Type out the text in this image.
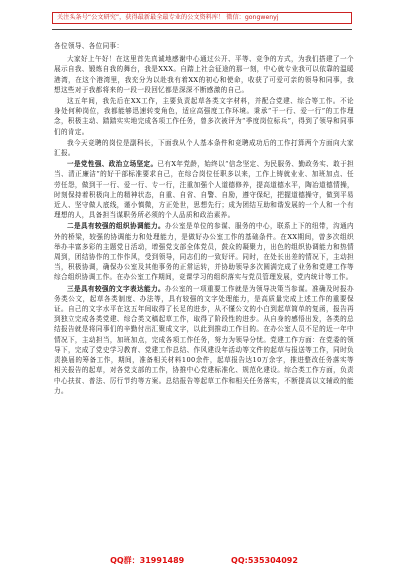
关注头条号“公文研究”，获得最新最全最专业的公文资料库！ 微信：gongwenyj

各位领导、各位同事：

大家好上午好！在这里首先真诚地感谢中心通过公开、平等、竞争的方式，为我们搭建了一个展示自我、锻炼自我的舞台，我是XXX。自踏上社会征途的那一刻，中心就专业我可以依靠的温暖港湾，在这个港湾里，我充分为以赴我有着XX的初心和使命，收获了可爱可亲的领导和同事，我想这些对于我都将来的一段一段回忆都是深深不断感激的自己。

这五年间，我先后在XX工作，主要负责起草各类文字材料，并配合党建、综合等工作。不论身处何种岗位，我都能够迅速转变角色，适应高强度工作环境。秉承“干一行、爱一行”的工作理念，积极主动、踏踏实实地完成各项工作任务，曾多次被评为“季度岗位标兵”，得到了领导和同事们的肯定。

我今天竞聘的岗位是副科长，下面我从个人基本条件和竞聘成功后的工作打算两个方面向大家汇报。

一是党性强、政治立场坚定。已有X年党龄，始终以“信念坚定、为民服务、勤政务实、敢于担当、清正廉洁”的好干部标准要求自己，在综合岗位任职多以来，工作上铸就业业、加班加点、任劳任怨，做到干一行、爱一行、专一行，注重加强个人道德修养，提高道德水平，陶冶道德情操，时刻保持着积极向上的精神状态，自重、自省、自警、自励，遵守保纪，把握道德操守，做到平易近人、坚守做人底线，谨小慎微，方正处世，思想先行；成为团结互助和谐发展的一个人和一个有理想的人，具备担当谋职务所必须的个人品质和政治素养。

二是具有较强的组织协调能力。办公室是单位的参谋、服务的中心，联系上下的纽带，沟通内外的桥梁，较强的协调能力和处理能力，是做好办公室工作的基础条件。在XX期间，曾多次组织举办丰富多彩的主题党日活动，增强党支部全体党员，鼓众的凝聚力，出色的组织协调能力和热情周到，团结协作的工作作风，受到领导，同志们的一致好评。同时，在处长出差的情况下，主动担当，积极协调，确保办公室及其他事务的正常运转，并协助领导多次圆满完成了业务和党建工作等综合组织协调工作。在办公室工作期间，竞课学习的组织落实与党员管理发展，党内统计等工作。

三是具有较强的文字表达能力。办公室的一项重要工作就是为领导决策当参谋。准确及时报办务类公文，起草各类制度、办法等，具有较强的文字处理能力，是高质量完成上述工作的重要保证。自己的文字水平在这五年间取得了长足的进步，从不懂公文的小白到起草简单的复函，报告再到独立完成各类党建、综合类文稿起草工作，取得了阶段性的进步。从自身的感悟出发，各类的总结报告就是将同事们的辛勤付出汇聚成文字，以此到推动工作目的。在办公室人员不足的近一年中情况下，主动担当，加班加点，完成各项工作任务，努力为领导分忧。党建工作方面：在党委的领导下，完成了党史学习教育、党建工作总结、作风建设年活动等文件的起草与报送等工作，同时负责换届的筹备工作，期间，准备相关材料100余件，起草报告达10万余字，推进整改任务落实等相关报告的起草，对各党支部的工作，协推中心党建标准化、规范化建设。综合类工作方面，负责中心扶贫、普法、厉行节约等方案。总结报告等起草工作和相关任务落实，不断提高以文辅政的能力。

QQ群：31991489	QQ:535304092
